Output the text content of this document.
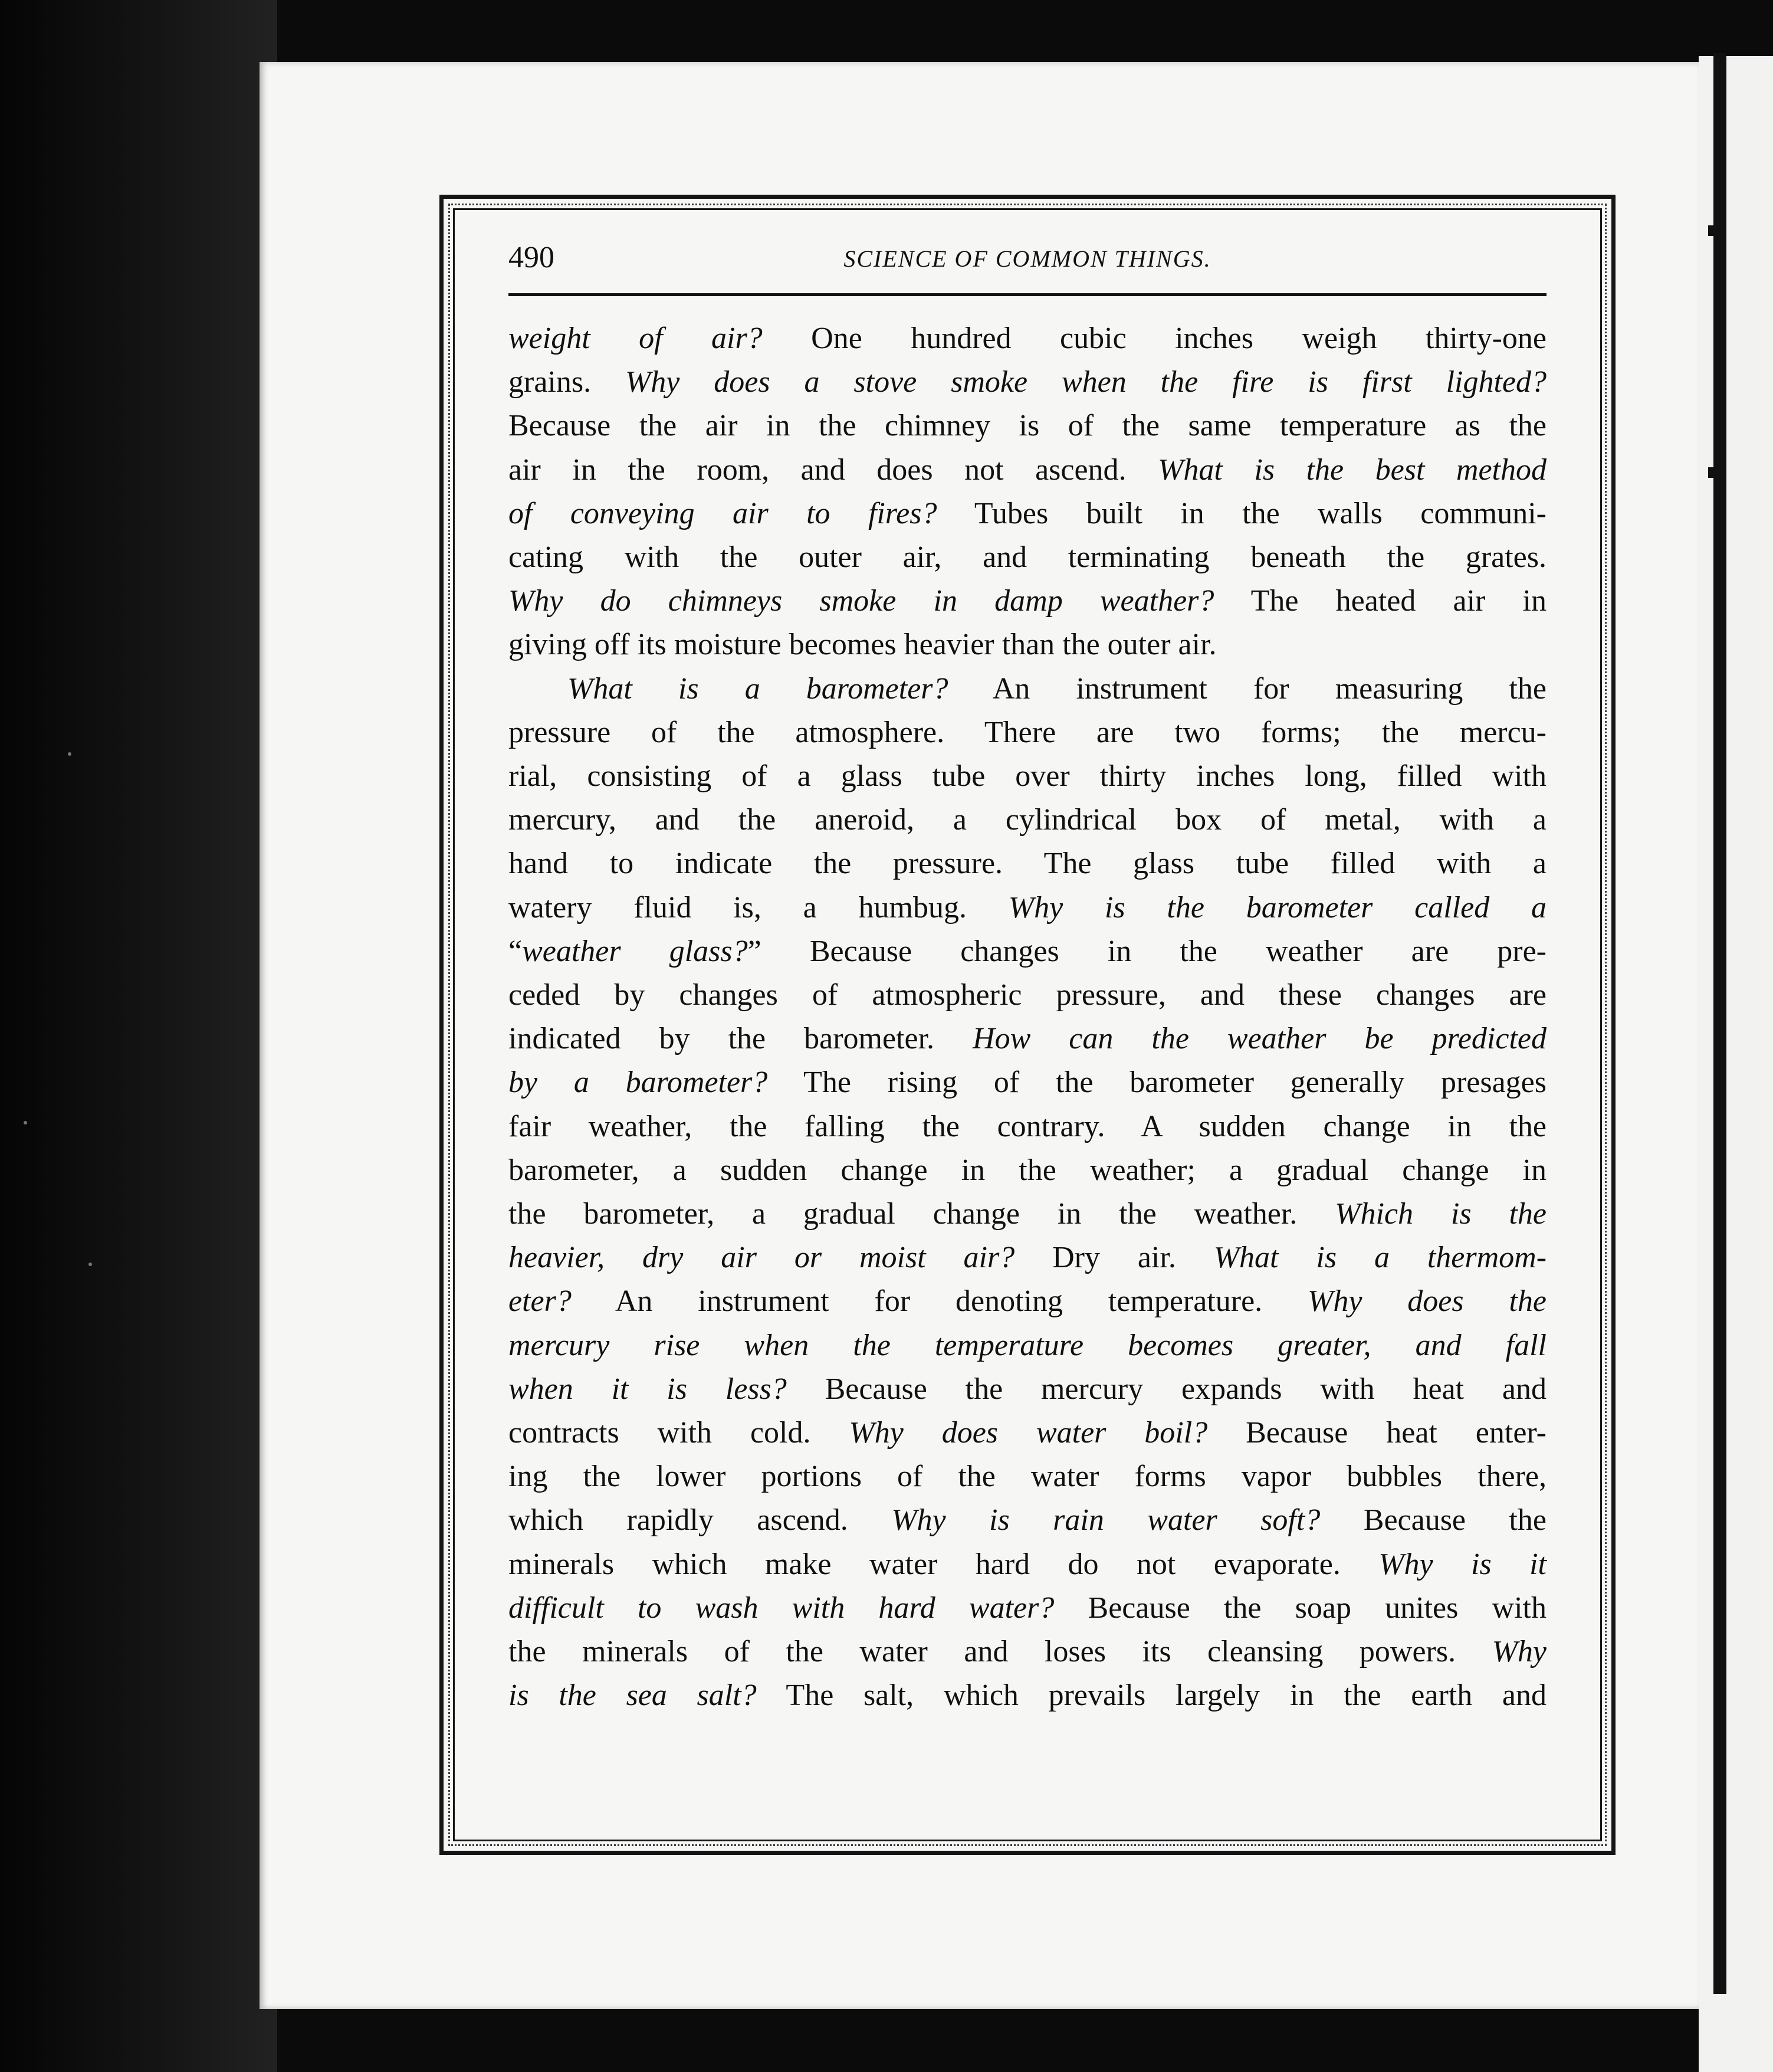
490	SCIENCE OF COMMON THINGS.
weight of air? One hundred cubic inches weigh thirty-one
grains. Why does a stove smoke when the fire is first lighted?
Because the air in the chimney is of the same temperature as the
air in the room, and does not ascend. What is the best method
of conveying air to fires? Tubes built in the walls communi-
cating with the outer air, and terminating beneath the grates.
Why do chimneys smoke in damp weather? The heated air in
giving off its moisture becomes heavier than the outer air.
What is a barometer? An instrument for measuring the
pressure of the atmosphere. There are two forms; the mercu-
rial, consisting of a glass tube over thirty inches long, filled with
mercury, and the aneroid, a cylindrical box of metal, with a
hand to indicate the pressure. The glass tube filled with a
watery fluid is, a humbug. Why is the barometer called a
“weather glass?” Because changes in the weather are pre-
ceded by changes of atmospheric pressure, and these changes are
indicated by the barometer. How can the weather be predicted
by a barometer? The rising of the barometer generally presages
fair weather, the falling the contrary. A sudden change in the
barometer, a sudden change in the weather; a gradual change in
the barometer, a gradual change in the weather. Which is the
heavier, dry air or moist air? Dry air. What is a thermom-
eter? An instrument for denoting temperature. Why does the
mercury rise when the temperature becomes greater, and fall
when it is less? Because the mercury expands with heat and
contracts with cold. Why does water boil? Because heat enter-
ing the lower portions of the water forms vapor bubbles there,
which rapidly ascend. Why is rain water soft? Because the
minerals which make water hard do not evaporate. Why is it
difficult to wash with hard water? Because the soap unites with
the minerals of the water and loses its cleansing powers. Why
is the sea salt? The salt, which prevails largely in the earth and
